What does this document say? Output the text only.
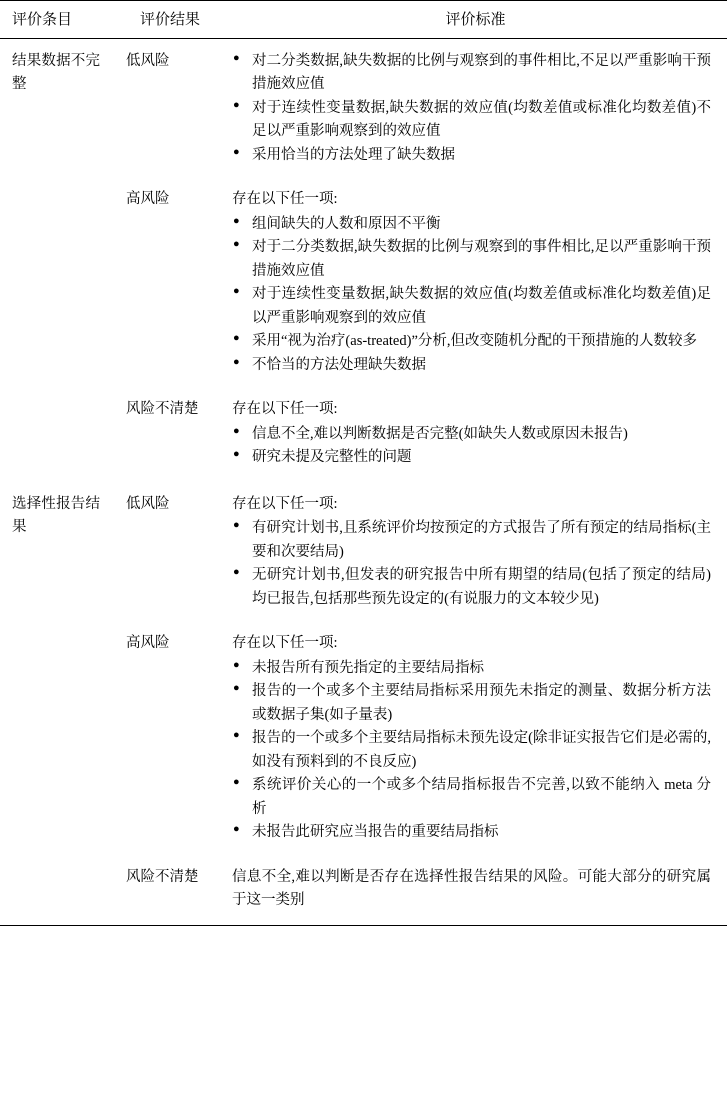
评价条目	评价结果	评价标准
结果数据不完整	低风险	● 对二分类数据,缺失数据的比例与观察到的事件相比,不足以严重影响干预措施效应值
● 对于连续性变量数据,缺失数据的效应值(均数差值或标准化均数差值)不足以严重影响观察到的效应值
● 采用恰当的方法处理了缺失数据

	高风险	存在以下任一项:

● 组间缺失的人数和原因不平衡
● 对于二分类数据,缺失数据的比例与观察到的事件相比,足以严重影响干预措施效应值
● 对于连续性变量数据,缺失数据的效应值(均数差值或标准化均数差值)足以严重影响观察到的效应值
● 采用“视为治疗(as-treated)”分析,但改变随机分配的干预措施的人数较多
● 不恰当的方法处理缺失数据

	风险不清楚	存在以下任一项:

● 信息不全,难以判断数据是否完整(如缺失人数或原因未报告)
● 研究未提及完整性的问题

选择性报告结果	低风险	存在以下任一项:

● 有研究计划书,且系统评价均按预定的方式报告了所有预定的结局指标(主要和次要结局)
● 无研究计划书,但发表的研究报告中所有期望的结局(包括了预定的结局)均已报告,包括那些预先设定的(有说服力的文本较少见)

	高风险	存在以下任一项:

● 未报告所有预先指定的主要结局指标
● 报告的一个或多个主要结局指标采用预先未指定的测量、数据分析方法或数据子集(如子量表)
● 报告的一个或多个主要结局指标未预先设定(除非证实报告它们是必需的,如没有预料到的不良反应)
● 系统评价关心的一个或多个结局指标报告不完善,以致不能纳入 meta 分析
● 未报告此研究应当报告的重要结局指标

	风险不清楚	信息不全,难以判断是否存在选择性报告结果的风险。可能大部分的研究属于这一类别
